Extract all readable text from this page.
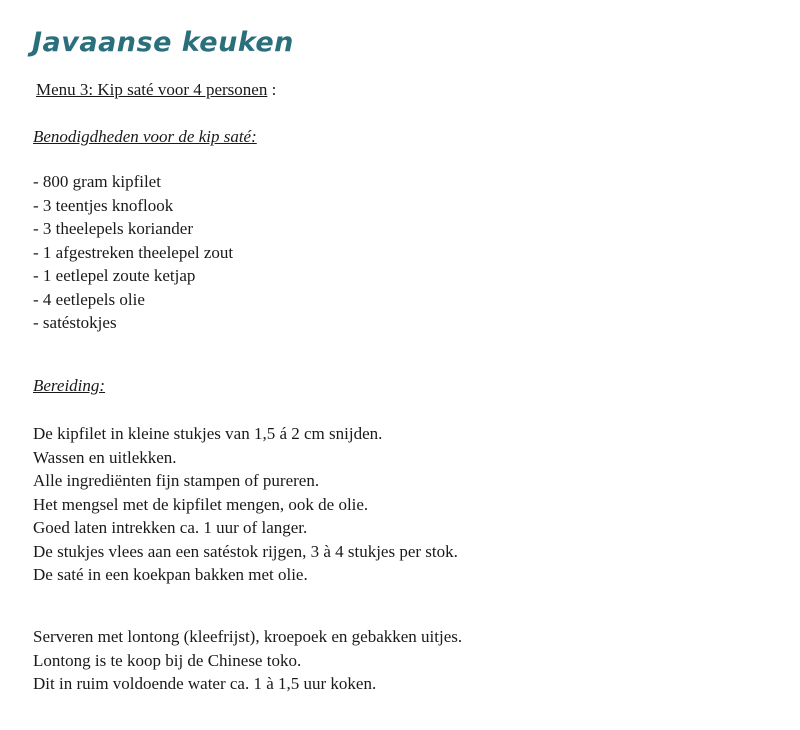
Javaanse keuken
Menu 3: Kip saté voor 4 personen :
Benodigdheden voor de kip saté:
- 800 gram kipfilet
- 3 teentjes knoflook
- 3 theelepels koriander
- 1 afgestreken theelepel zout
- 1 eetlepel zoute ketjap
- 4 eetlepels olie
- satéstokjes
Bereiding:

De kipfilet in kleine stukjes van 1,5 á 2 cm snijden.
Wassen en uitlekken.
Alle ingrediënten fijn stampen of pureren.
Het mengsel met de kipfilet mengen, ook de olie.
Goed laten intrekken ca. 1 uur of langer.
De stukjes vlees aan een satéstok rijgen, 3 à 4 stukjes per stok.
De saté in een koekpan bakken met olie.

Serveren met lontong (kleefrijst), kroepoek en gebakken uitjes.
Lontong is te koop bij de Chinese toko.
Dit in ruim voldoende water ca. 1 à 1,5 uur koken.
